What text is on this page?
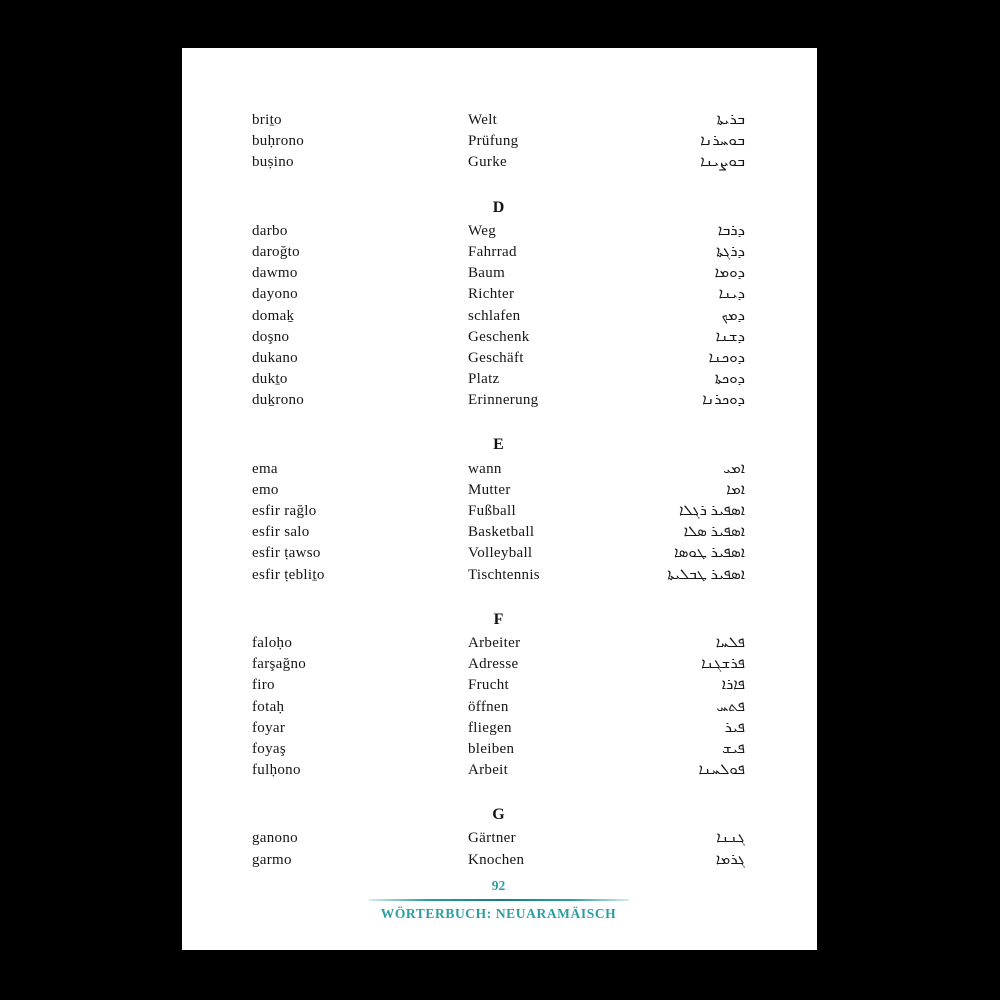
briṯo	Welt	ܒܪܝܬܐ
buḥrono	Prüfung	ܒܘܚܪܢܐ
buṣino	Gurke	ܒܘܨܝܢܐ
D
darbo	Weg	ܕܪܒܐ
daroğto	Fahrrad	ܕܪܓܬܐ
dawmo	Baum	ܕܘܡܐ
dayono	Richter	ܕܝܢܐ
domaḵ	schlafen	ܕܡܟ
doşno	Geschenk	ܕܫܢܐ
dukano	Geschäft	ܕܘܟܢܐ
dukṯo	Platz	ܕܘܟܬܐ
duḵrono	Erinnerung	ܕܘܟܪܢܐ
E
ema	wann	ܐܡܝ
emo	Mutter	ܐܡܐ
esfir rağlo	Fußball	ܐܣܦܝܪ ܪܓܠܐ
esfir salo	Basketball	ܐܣܦܝܪ ܣܠܐ
esfir ṭawso	Volleyball	ܐܣܦܝܪ ܛܘܣܐ
esfir ṭebliṯo	Tischtennis	ܐܣܦܝܪ ܛܒܠܝܬܐ
F
faloḥo	Arbeiter	ܦܠܚܐ
farşağno	Adresse	ܦܪܫܓܢܐ
firo	Frucht	ܦܐܪܐ
fotaḥ	öffnen	ܦܬܚ
foyar	fliegen	ܦܝܪ
foyaş	bleiben	ܦܝܫ
fulḥono	Arbeit	ܦܘܠܚܢܐ
G
ganono	Gärtner	ܓܢܢܐ
garmo	Knochen	ܓܪܡܐ
92
WÖRTERBUCH: NEUARAMÄISCH
